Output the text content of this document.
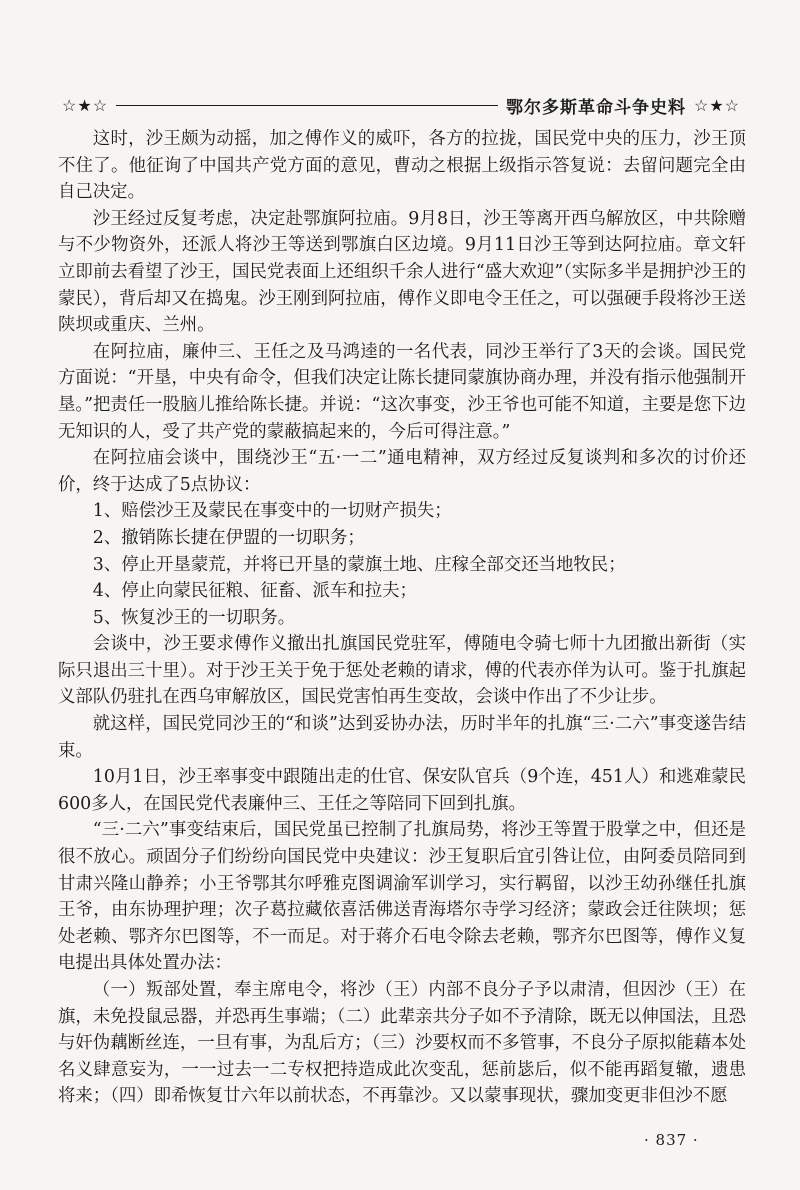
☆★☆	鄂尔多斯革命斗争史料 ☆★☆

这时，沙王颇为动摇，加之傅作义的威吓，各方的拉拢，国民党中央的压力，沙王顶不住了。他征询了中国共产党方面的意见，曹动之根据上级指示答复说：去留问题完全由自己决定。

沙王经过反复考虑，决定赴鄂旗阿拉庙。9月8日，沙王等离开西乌解放区，中共除赠与不少物资外，还派人将沙王等送到鄂旗白区边境。9月11日沙王等到达阿拉庙。章文轩立即前去看望了沙王，国民党表面上还组织千余人进行“盛大欢迎”（实际多半是拥护沙王的蒙民），背后却又在捣鬼。沙王刚到阿拉庙，傅作义即电令王任之，可以强硬手段将沙王送陕坝或重庆、兰州。

在阿拉庙，廉仲三、王任之及马鸿逵的一名代表，同沙王举行了3天的会谈。国民党方面说：“开垦，中央有命令，但我们决定让陈长捷同蒙旗协商办理，并没有指示他强制开垦。”把责任一股脑儿推给陈长捷。并说：“这次事变，沙王爷也可能不知道，主要是您下边无知识的人，受了共产党的蒙蔽搞起来的，今后可得注意。”

在阿拉庙会谈中，围绕沙王“五·一二”通电精神，双方经过反复谈判和多次的讨价还价，终于达成了5点协议：

1、赔偿沙王及蒙民在事变中的一切财产损失；

2、撤销陈长捷在伊盟的一切职务；

3、停止开垦蒙荒，并将已开垦的蒙旗土地、庄稼全部交还当地牧民；

4、停止向蒙民征粮、征畜、派车和拉夫；

5、恢复沙王的一切职务。

会谈中，沙王要求傅作义撤出扎旗国民党驻军，傅随电令骑七师十九团撤出新街（实际只退出三十里）。对于沙王关于免于惩处老赖的请求，傅的代表亦佯为认可。鉴于扎旗起义部队仍驻扎在西乌审解放区，国民党害怕再生变故，会谈中作出了不少让步。

就这样，国民党同沙王的“和谈”达到妥协办法，历时半年的扎旗“三·二六”事变遂告结束。

10月1日，沙王率事变中跟随出走的仕官、保安队官兵（9个连，451人）和逃难蒙民600多人，在国民党代表廉仲三、王任之等陪同下回到扎旗。

“三·二六”事变结束后，国民党虽已控制了扎旗局势，将沙王等置于股掌之中，但还是很不放心。顽固分子们纷纷向国民党中央建议：沙王复职后宜引咎让位，由阿委员陪同到甘肃兴隆山静养；小王爷鄂其尔呼雅克图调渝军训学习，实行羁留，以沙王幼孙继任扎旗王爷，由东协理护理；次子葛拉藏依喜活佛送青海塔尔寺学习经济；蒙政会迁往陕坝；惩处老赖、鄂齐尔巴图等，不一而足。对于蒋介石电令除去老赖，鄂齐尔巴图等，傅作义复电提出具体处置办法：

（一）叛部处置，奉主席电令，将沙（王）内部不良分子予以肃清，但因沙（王）在旗，未免投鼠忌器，并恐再生事端；（二）此辈亲共分子如不予清除，既无以伸国法，且恐与奸伪藕断丝连，一旦有事，为乱后方；（三）沙要权而不多管事，不良分子原拟能藉本处名义肆意妄为，一一过去一二专权把持造成此次变乱，惩前毖后，似不能再蹈复辙，遗患将来；（四）即希恢复廿六年以前状态，不再靠沙。又以蒙事现状，骤加变更非但沙不愿

· 837 ·
